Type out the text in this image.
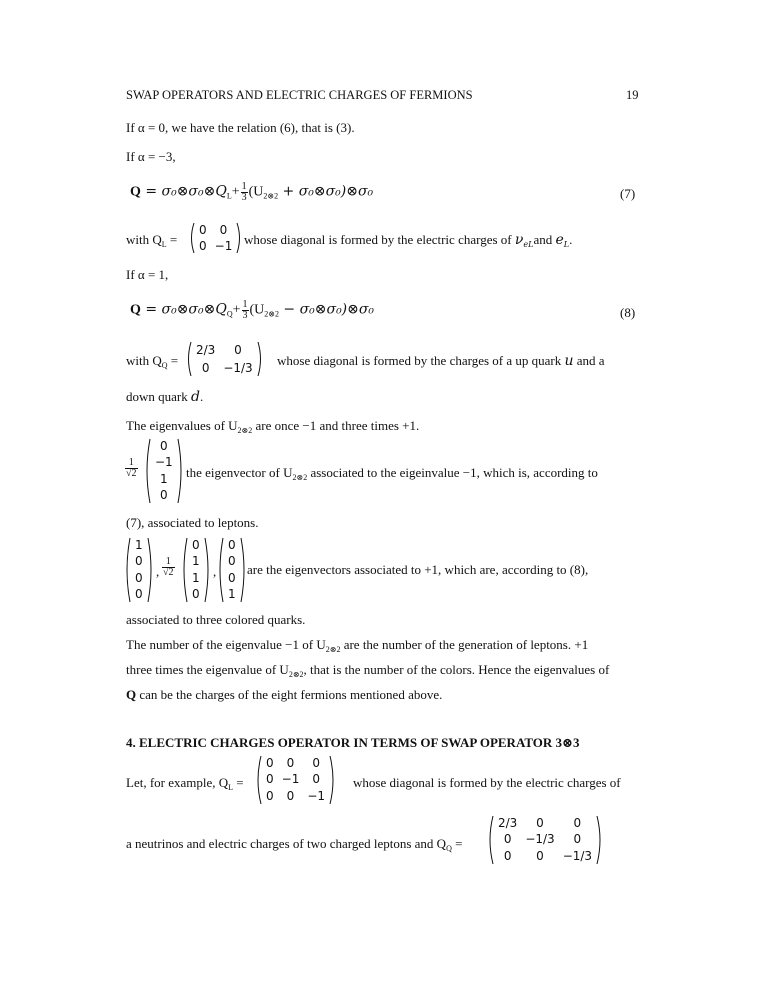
SWAP OPERATORS AND ELECTRIC CHARGES OF FERMIONS	19
If α = 0, we have the relation (6), that is (3).
If α = −3,
$Q = \sigma_0\otimes\sigma_0\otimes Q_L+ \frac{1}{3} (U_{2\otimes 2}$ + σ₀⊗σ₀)⊗σ₀	(7)
with $Q_L$ =
0	0
0	−1 whose diagonal is formed by the electric charges of $\nu_{eL}and$ $e_L$.
If α = 1,
$Q = \sigma_0\otimes\sigma_0\otimes Q_Q+ \frac{1}{3} (U_{2\otimes 2}$ − σ₀⊗σ₀)⊗σ₀	(8)
with $Q_Q$ =
2/3	0
0	−1/3 whose diagonal is formed by the charges of a up quark u and a
down quark d.
The eigenvalues of $U_{2\otimes 2}$ are once −1 and three times +1.
$\frac{1}{√2}$
0
−1
1
0
the eigenvector of $U_{2\otimes 2}$ associated to the eigeinvalue −1, which is, according to
(7), associated to leptons.
1
0
0
0
, $\frac{1}{√2}$
0
1
1
0
,
0
0
0
1
are the eigenvectors associated to +1, which are, according to (8),
associated to three colored quarks.
The number of the eigenvalue −1 of $U_{2\otimes 2}$ are the number of the generation of leptons. +1
three times the eigenvalue of $U_{2\otimes 2}$, that is the number of the colors. Hence the eigenvalues of
Q can be the charges of the eight fermions mentioned above.
4. ELECTRIC CHARGES OPERATOR IN TERMS OF SWAP OPERATOR 3⊗3
Let, for example, $Q_L$ =
0	0	0
0	−1	0
0	0	−1
whose diagonal is formed by the electric charges of
a neutrinos and electric charges of two charged leptons and $Q_Q$ =
2/3	0	0
0	−1/3	0
0	0	−1/3
